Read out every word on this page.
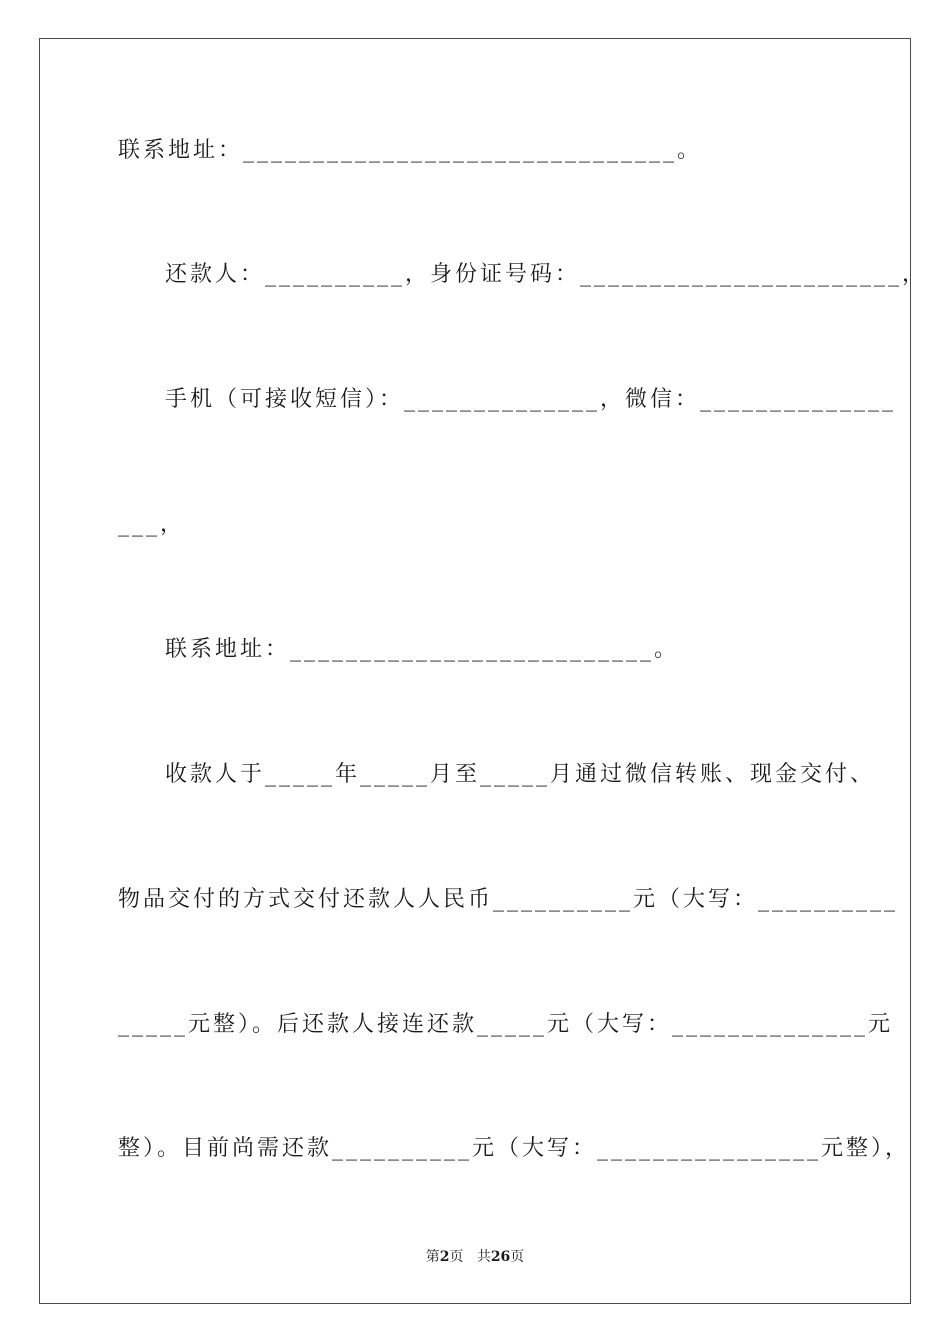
联系地址：_______________________________。
还款人：__________，身份证号码：_______________________，
手机（可接收短信）：______________，微信：______________
___，
联系地址：__________________________。
收款人于_____年_____月至_____月通过微信转账、现金交付、
物品交付的方式交付还款人人民币__________元（大写：__________
_____元整）。后还款人接连还款_____元（大写：______________元
整）。目前尚需还款__________元（大写：________________元整），
第2页 共26页
